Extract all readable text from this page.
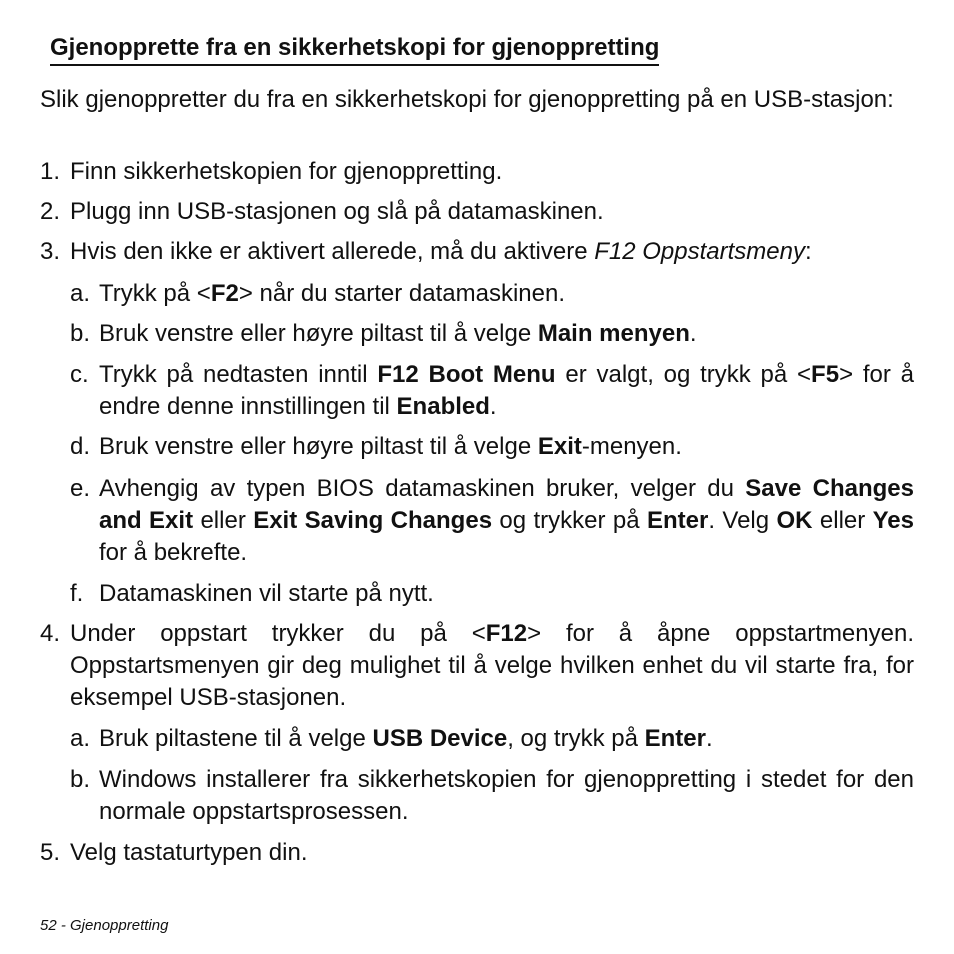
Gjenopprette fra en sikkerhetskopi for gjenoppretting
Slik gjenoppretter du fra en sikkerhetskopi for gjenoppretting på en USB-stasjon:
1. Finn sikkerhetskopien for gjenoppretting.
2. Plugg inn USB-stasjonen og slå på datamaskinen.
3. Hvis den ikke er aktivert allerede, må du aktivere F12 Oppstartsmeny:
a. Trykk på <F2> når du starter datamaskinen.
b. Bruk venstre eller høyre piltast til å velge Main menyen.
c. Trykk på nedtasten inntil F12 Boot Menu er valgt, og trykk på <F5> for å endre denne innstillingen til Enabled.
d. Bruk venstre eller høyre piltast til å velge Exit-menyen.
e. Avhengig av typen BIOS datamaskinen bruker, velger du Save Changes and Exit eller Exit Saving Changes og trykker på Enter. Velg OK eller Yes for å bekrefte.
f. Datamaskinen vil starte på nytt.
4. Under oppstart trykker du på <F12> for å åpne oppstartmenyen. Oppstartsmenyen gir deg mulighet til å velge hvilken enhet du vil starte fra, for eksempel USB-stasjonen.
a. Bruk piltastene til å velge USB Device, og trykk på Enter.
b. Windows installerer fra sikkerhetskopien for gjenoppretting i stedet for den normale oppstartsprosessen.
5. Velg tastaturtypen din.
52 - Gjenoppretting
